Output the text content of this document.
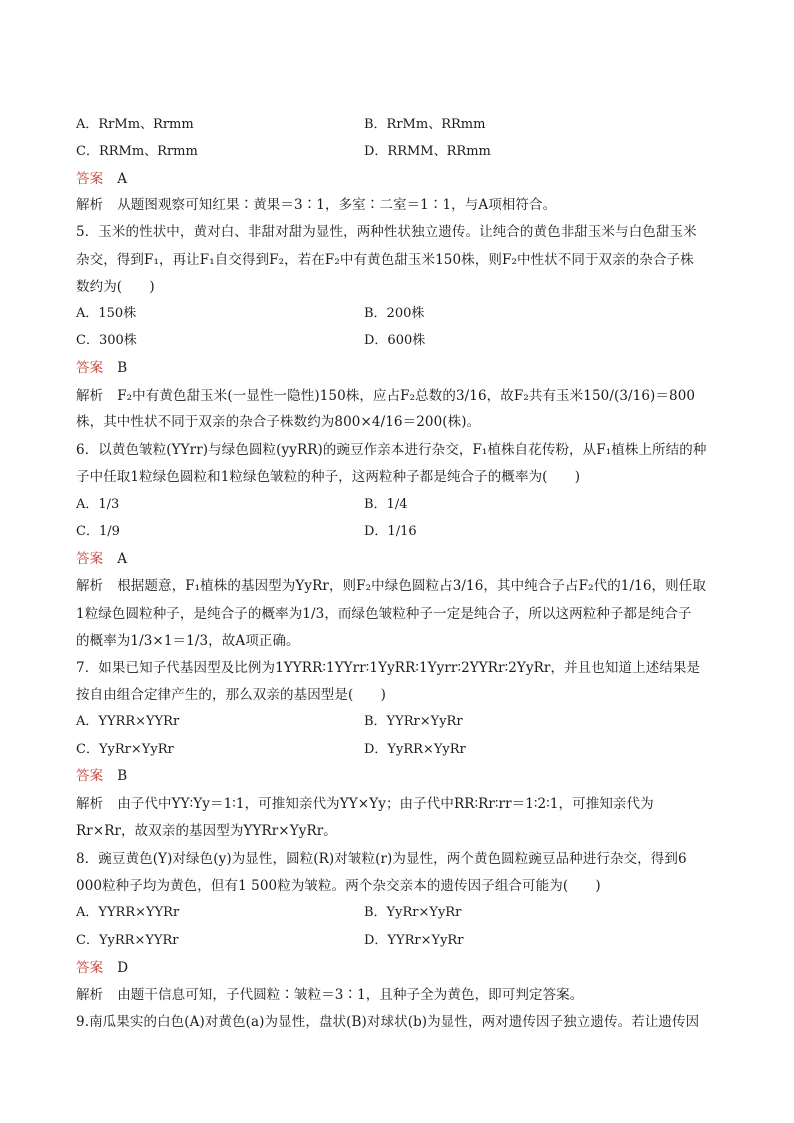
A．RrMm、Rrmm	B．RrMm、RRmm
C．RRMm、Rrmm	D．RRMM、RRmm
答案 A
解析 从题图观察可知红果∶黄果＝3∶1，多室∶二室＝1∶1，与A项相符合。
5．玉米的性状中，黄对白、非甜对甜为显性，两种性状独立遗传。让纯合的黄色非甜玉米与白色甜玉米
杂交，得到F₁，再让F₁自交得到F₂，若在F₂中有黄色甜玉米150株，则F₂中性状不同于双亲的杂合子株
数约为(　　)
A．150株	B．200株
C．300株	D．600株
答案 B
解析 F₂中有黄色甜玉米(一显性一隐性)150株，应占F₂总数的3/16，故F₂共有玉米150/(3/16)＝800
株，其中性状不同于双亲的杂合子株数约为800×4/16＝200(株)。
6．以黄色皱粒(YYrr)与绿色圆粒(yyRR)的豌豆作亲本进行杂交，F₁植株自花传粉，从F₁植株上所结的种
子中任取1粒绿色圆粒和1粒绿色皱粒的种子，这两粒种子都是纯合子的概率为(　　)
A．1/3	B．1/4
C．1/9	D．1/16
答案 A
解析 根据题意，F₁植株的基因型为YyRr，则F₂中绿色圆粒占3/16，其中纯合子占F₂代的1/16，则任取
1粒绿色圆粒种子，是纯合子的概率为1/3，而绿色皱粒种子一定是纯合子，所以这两粒种子都是纯合子
的概率为1/3×1＝1/3，故A项正确。
7．如果已知子代基因型及比例为1YYRR∶1YYrr∶1YyRR∶1Yyrr∶2YYRr∶2YyRr，并且也知道上述结果是
按自由组合定律产生的，那么双亲的基因型是(　　)
A．YYRR×YYRr	B．YYRr×YyRr
C．YyRr×YyRr	D．YyRR×YyRr
答案 B
解析 由子代中YY∶Yy＝1∶1，可推知亲代为YY×Yy；由子代中RR∶Rr∶rr＝1∶2∶1，可推知亲代为
Rr×Rr，故双亲的基因型为YYRr×YyRr。
8．豌豆黄色(Y)对绿色(y)为显性，圆粒(R)对皱粒(r)为显性，两个黄色圆粒豌豆品种进行杂交，得到6
000粒种子均为黄色，但有1 500粒为皱粒。两个杂交亲本的遗传因子组合可能为(　　)
A．YYRR×YYRr	B．YyRr×YyRr
C．YyRR×YYRr	D．YYRr×YyRr
答案 D
解析 由题干信息可知，子代圆粒∶皱粒＝3∶1，且种子全为黄色，即可判定答案。
9.南瓜果实的白色(A)对黄色(a)为显性，盘状(B)对球状(b)为显性，两对遗传因子独立遗传。若让遗传因
